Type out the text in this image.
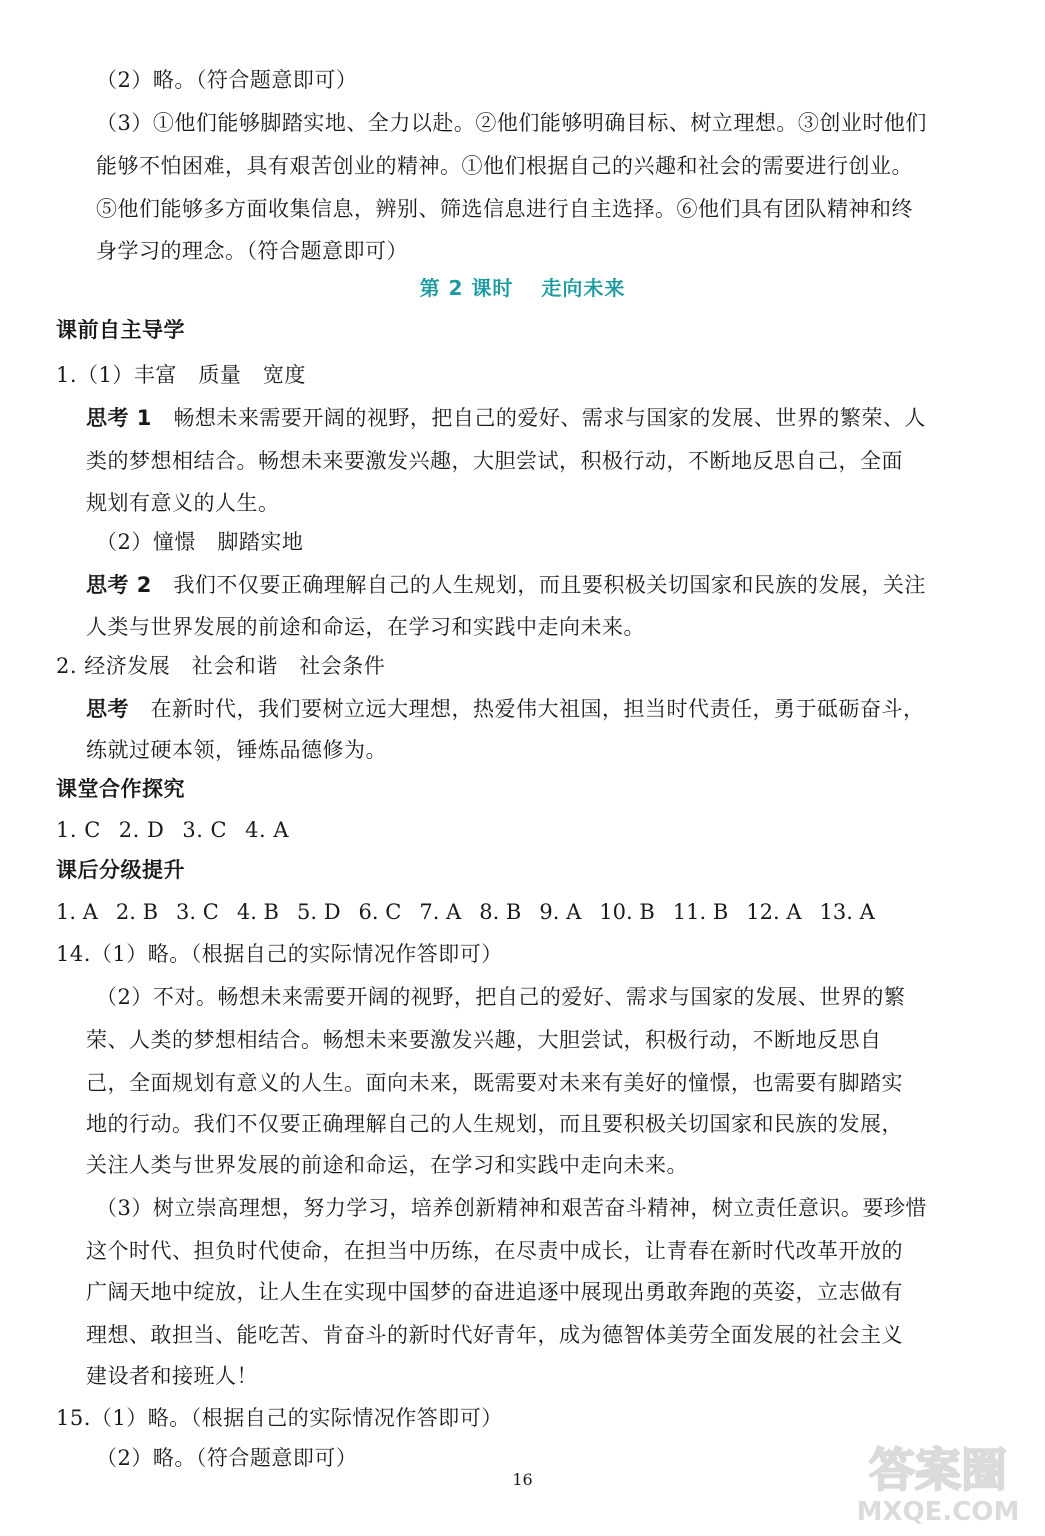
（2）略。（符合题意即可）
（3）①他们能够脚踏实地、全力以赴。②他们能够明确目标、树立理想。③创业时他们
能够不怕困难，具有艰苦创业的精神。①他们根据自己的兴趣和社会的需要进行创业。
⑤他们能够多方面收集信息，辨别、筛选信息进行自主选择。⑥他们具有团队精神和终
身学习的理念。（符合题意即可）
第 2 课时 走向未来
课前自主导学
1.（1）丰富　质量　宽度
思考 1　 畅想未来需要开阔的视野，把自己的爱好、需求与国家的发展、世界的繁荣、人
类的梦想相结合。畅想未来要激发兴趣，大胆尝试，积极行动，不断地反思自己，全面
规划有意义的人生。
（2）憧憬　脚踏实地
思考 2　 我们不仅要正确理解自己的人生规划，而且要积极关切国家和民族的发展，关注
人类与世界发展的前途和命运，在学习和实践中走向未来。
2. 经济发展　社会和谐　社会条件
思考　 在新时代，我们要树立远大理想，热爱伟大祖国，担当时代责任，勇于砥砺奋斗，
练就过硬本领，锤炼品德修为。
课堂合作探究
1. C 2. D 3. C 4. A
课后分级提升
1. A 2. B 3. C 4. B 5. D 6. C 7. A 8. B 9. A 10. B 11. B 12. A 13. A
14.（1）略。（根据自己的实际情况作答即可）
（2）不对。畅想未来需要开阔的视野，把自己的爱好、需求与国家的发展、世界的繁
荣、人类的梦想相结合。畅想未来要激发兴趣，大胆尝试，积极行动，不断地反思自
己，全面规划有意义的人生。面向未来，既需要对未来有美好的憧憬，也需要有脚踏实
地的行动。我们不仅要正确理解自己的人生规划，而且要积极关切国家和民族的发展，
关注人类与世界发展的前途和命运，在学习和实践中走向未来。
（3）树立崇高理想，努力学习，培养创新精神和艰苦奋斗精神，树立责任意识。要珍惜
这个时代、担负时代使命，在担当中历练，在尽责中成长，让青春在新时代改革开放的
广阔天地中绽放，让人生在实现中国梦的奋进追逐中展现出勇敢奔跑的英姿，立志做有
理想、敢担当、能吃苦、肯奋斗的新时代好青年，成为德智体美劳全面发展的社会主义
建设者和接班人！
15.（1）略。（根据自己的实际情况作答即可）
（2）略。（符合题意即可）
16	答案圈
MXQE.COM
